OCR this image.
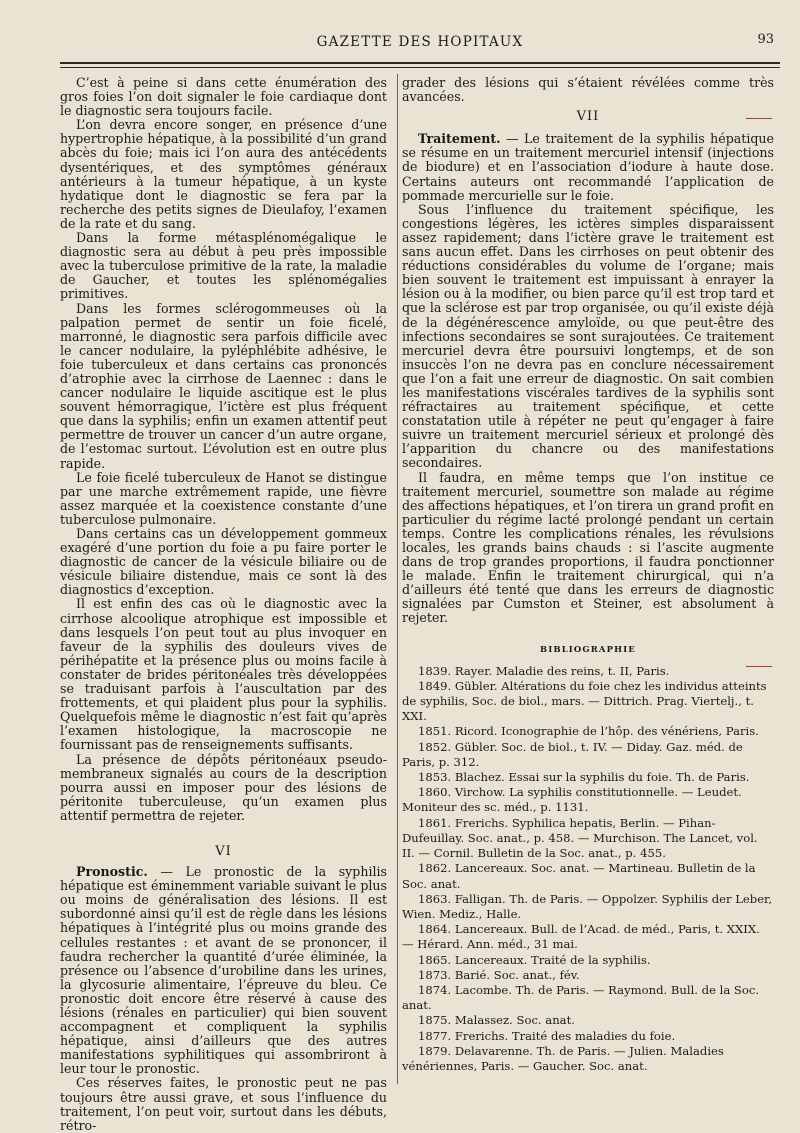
GAZETTE DES HOPITAUX	93

C’est à peine si dans cette énumération des gros foies l’on doit signaler le foie cardiaque dont le diagnostic sera toujours facile.

L’on devra encore songer, en présence d’une hypertrophie hépatique, à la possibilité d’un grand abcès du foie; mais ici l’on aura des antécédents dysentériques, et des symptômes généraux antérieurs à la tumeur hépatique, à un kyste hydatique dont le diagnostic se fera par la recherche des petits signes de Dieulafoy, l’examen de la rate et du sang.

Dans la forme métasplénomégalique le diagnostic sera au début à peu près impossible avec la tuberculose primitive de la rate, la maladie de Gaucher, et toutes les splénomégalies primitives.

Dans les formes sclérogommeuses où la palpation permet de sentir un foie ficelé, marronné, le diagnostic sera parfois difficile avec le cancer nodulaire, la pyléphlébite adhésive, le foie tuberculeux et dans certains cas prononcés d’atrophie avec la cirrhose de Laennec : dans le cancer nodulaire le liquide ascitique est le plus souvent hémorragique, l’ictère est plus fréquent que dans la syphilis; enfin un examen attentif peut permettre de trouver un cancer d’un autre organe, de l’estomac surtout. L’évolution est en outre plus rapide.

Le foie ficelé tuberculeux de Hanot se distingue par une marche extrêmement rapide, une fièvre assez marquée et la coexistence constante d’une tuberculose pulmonaire.

Dans certains cas un développement gommeux exagéré d’une portion du foie a pu faire porter le diagnostic de cancer de la vésicule biliaire ou de vésicule biliaire distendue, mais ce sont là des diagnostics d’exception.

Il est enfin des cas où le diagnostic avec la cirrhose alcoolique atrophique est impossible et dans lesquels l’on peut tout au plus invoquer en faveur de la syphilis des douleurs vives de périhépatite et la présence plus ou moins facile à constater de brides péritonéales très développées se traduisant parfois à l’auscultation par des frottements, et qui plaident plus pour la syphilis. Quelquefois même le diagnostic n’est fait qu’après l’examen histologique, la macroscopie ne fournissant pas de renseignements suffisants.

La présence de dépôts péritonéaux pseudo-membraneux signalés au cours de la description pourra aussi en imposer pour des lésions de péritonite tuberculeuse, qu’un examen plus attentif permettra de rejeter.

VI

Pronostic. — Le pronostic de la syphilis hépatique est éminemment variable suivant le plus ou moins de généralisation des lésions. Il est subordonné ainsi qu’il est de règle dans les lésions hépatiques à l’intégrité plus ou moins grande des cellules restantes : et avant de se prononcer, il faudra rechercher la quantité d’urée éliminée, la présence ou l’absence d’urobiline dans les urines, la glycosurie alimentaire, l’épreuve du bleu. Ce pronostic doit encore être réservé à cause des lésions (rénales en particulier) qui bien souvent accompagnent et compliquent la syphilis hépatique, ainsi d’ailleurs que des autres manifestations syphilitiques qui assombriront à leur tour le pronostic.

Ces réserves faites, le pronostic peut ne pas toujours être aussi grave, et sous l’influence du traitement, l’on peut voir, surtout dans les débuts, rétro-

grader des lésions qui s’étaient révélées comme très avancées.

VII

Traitement. — Le traitement de la syphilis hépatique se résume en un traitement mercuriel intensif (injections de biodure) et en l’association d’iodure à haute dose. Certains auteurs ont recommandé l’application de pommade mercurielle sur le foie.

Sous l’influence du traitement spécifique, les congestions légères, les ictères simples disparaissent assez rapidement; dans l’ictère grave le traitement est sans aucun effet. Dans les cirrhoses on peut obtenir des réductions considérables du volume de l’organe; mais bien souvent le traitement est impuissant à enrayer la lésion ou à la modifier, ou bien parce qu’il est trop tard et que la sclérose est par trop organisée, ou qu’il existe déjà de la dégénérescence amyloïde, ou que peut-être des infections secondaires se sont surajoutées. Ce traitement mercuriel devra être poursuivi longtemps, et de son insuccès l’on ne devra pas en conclure nécessairement que l’on a fait une erreur de diagnostic. On sait combien les manifestations viscérales tardives de la syphilis sont réfractaires au traitement spécifique, et cette constatation utile à répéter ne peut qu’engager à faire suivre un traitement mercuriel sérieux et prolongé dès l’apparition du chancre ou des manifestations secondaires.

Il faudra, en même temps que l’on institue ce traitement mercuriel, soumettre son malade au régime des affections hépatiques, et l’on tirera un grand profit en particulier du régime lacté prolongé pendant un certain temps. Contre les complications rénales, les révulsions locales, les grands bains chauds : si l’ascite augmente dans de trop grandes proportions, il faudra ponctionner le malade. Enfin le traitement chirurgical, qui n’a d’ailleurs été tenté que dans les erreurs de diagnostic signalées par Cumston et Steiner, est absolument à rejeter.

BIBLIOGRAPHIE

1839. Rayer. Maladie des reins, t. II, Paris.

1849. Gübler. Altérations du foie chez les individus atteints de syphilis, Soc. de biol., mars. — Dittrich. Prag. Viertelj., t. XXI.

1851. Ricord. Iconographie de l’hôp. des vénériens, Paris.

1852. Gübler. Soc. de biol., t. IV. — Diday. Gaz. méd. de Paris, p. 312.

1853. Blachez. Essai sur la syphilis du foie. Th. de Paris.

1860. Virchow. La syphilis constitutionnelle. — Leudet. Moniteur des sc. méd., p. 1131.

1861. Frerichs. Syphilica hepatis, Berlin. — Pihan-Dufeuillay. Soc. anat., p. 458. — Murchison. The Lancet, vol. II. — Cornil. Bulletin de la Soc. anat., p. 455.

1862. Lancereaux. Soc. anat. — Martineau. Bulletin de la Soc. anat.

1863. Falligan. Th. de Paris. — Oppolzer. Syphilis der Leber, Wien. Mediz., Halle.

1864. Lancereaux. Bull. de l’Acad. de méd., Paris, t. XXIX. — Hérard. Ann. méd., 31 mai.

1865. Lancereaux. Traité de la syphilis.

1873. Barié. Soc. anat., fév.

1874. Lacombe. Th. de Paris. — Raymond. Bull. de la Soc. anat.

1875. Malassez. Soc. anat.

1877. Frerichs. Traité des maladies du foie.

1879. Delavarenne. Th. de Paris. — Julien. Maladies vénériennes, Paris. — Gaucher. Soc. anat.
